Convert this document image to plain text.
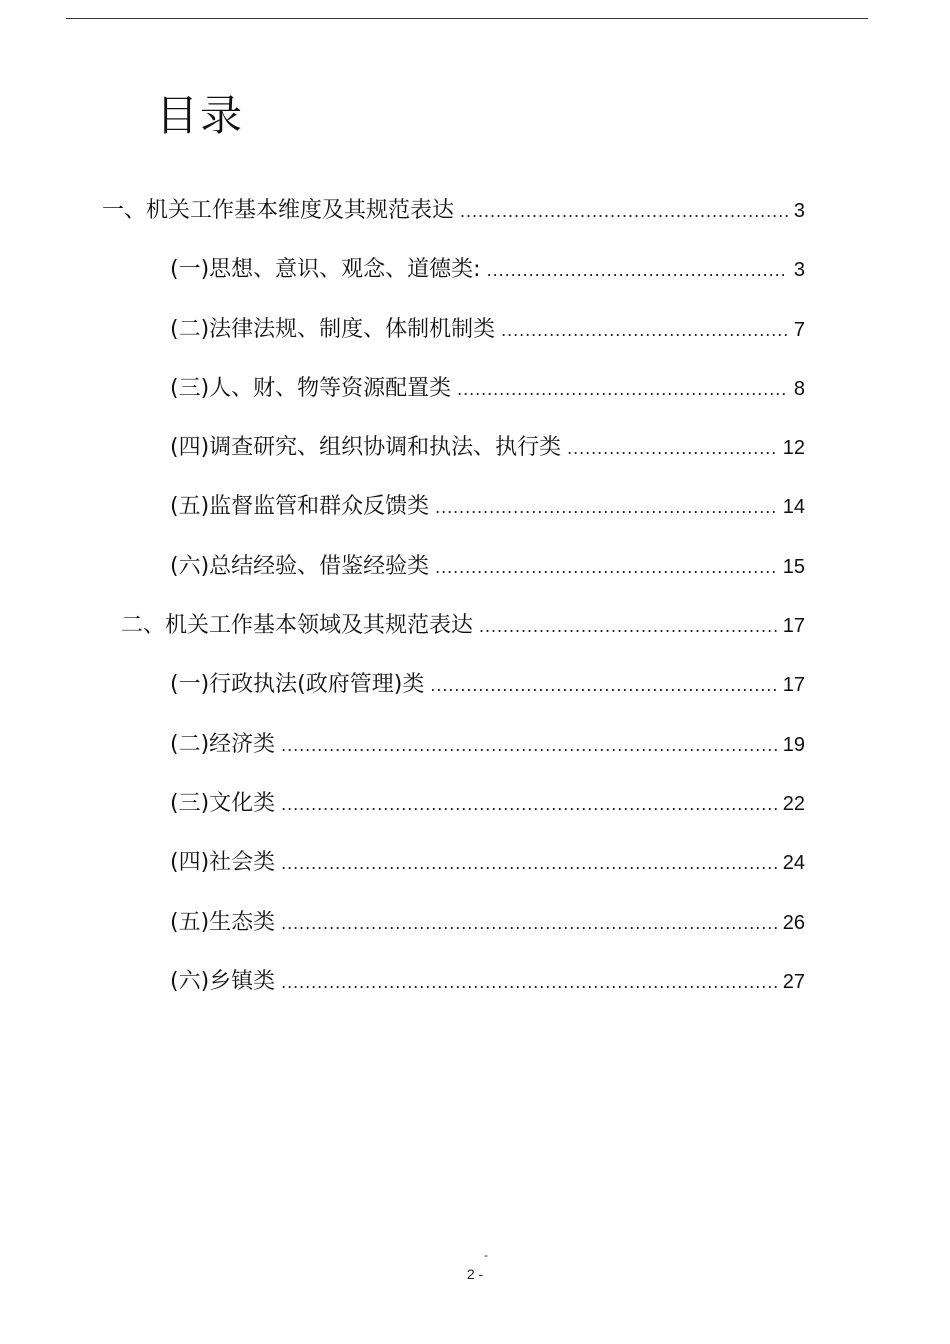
目录
一、机关工作基本维度及其规范表达 .....	3
(一)思想、意识、观念、道德类: .....	3
(二)法律法规、制度、体制机制类 .....	7
(三)人、财、物等资源配置类 .....	8
(四)调查研究、组织协调和执法、执行类 .....	12
(五)监督监管和群众反馈类 .....	14
(六)总结经验、借鉴经验类 .....	15
二、机关工作基本领域及其规范表达 .....	17
(一)行政执法(政府管理)类 .....	17
(二)经济类 .....	19
(三)文化类 .....	22
(四)社会类 .....	24
(五)生态类 .....	26
(六)乡镇类 .....	27
-
2 -
